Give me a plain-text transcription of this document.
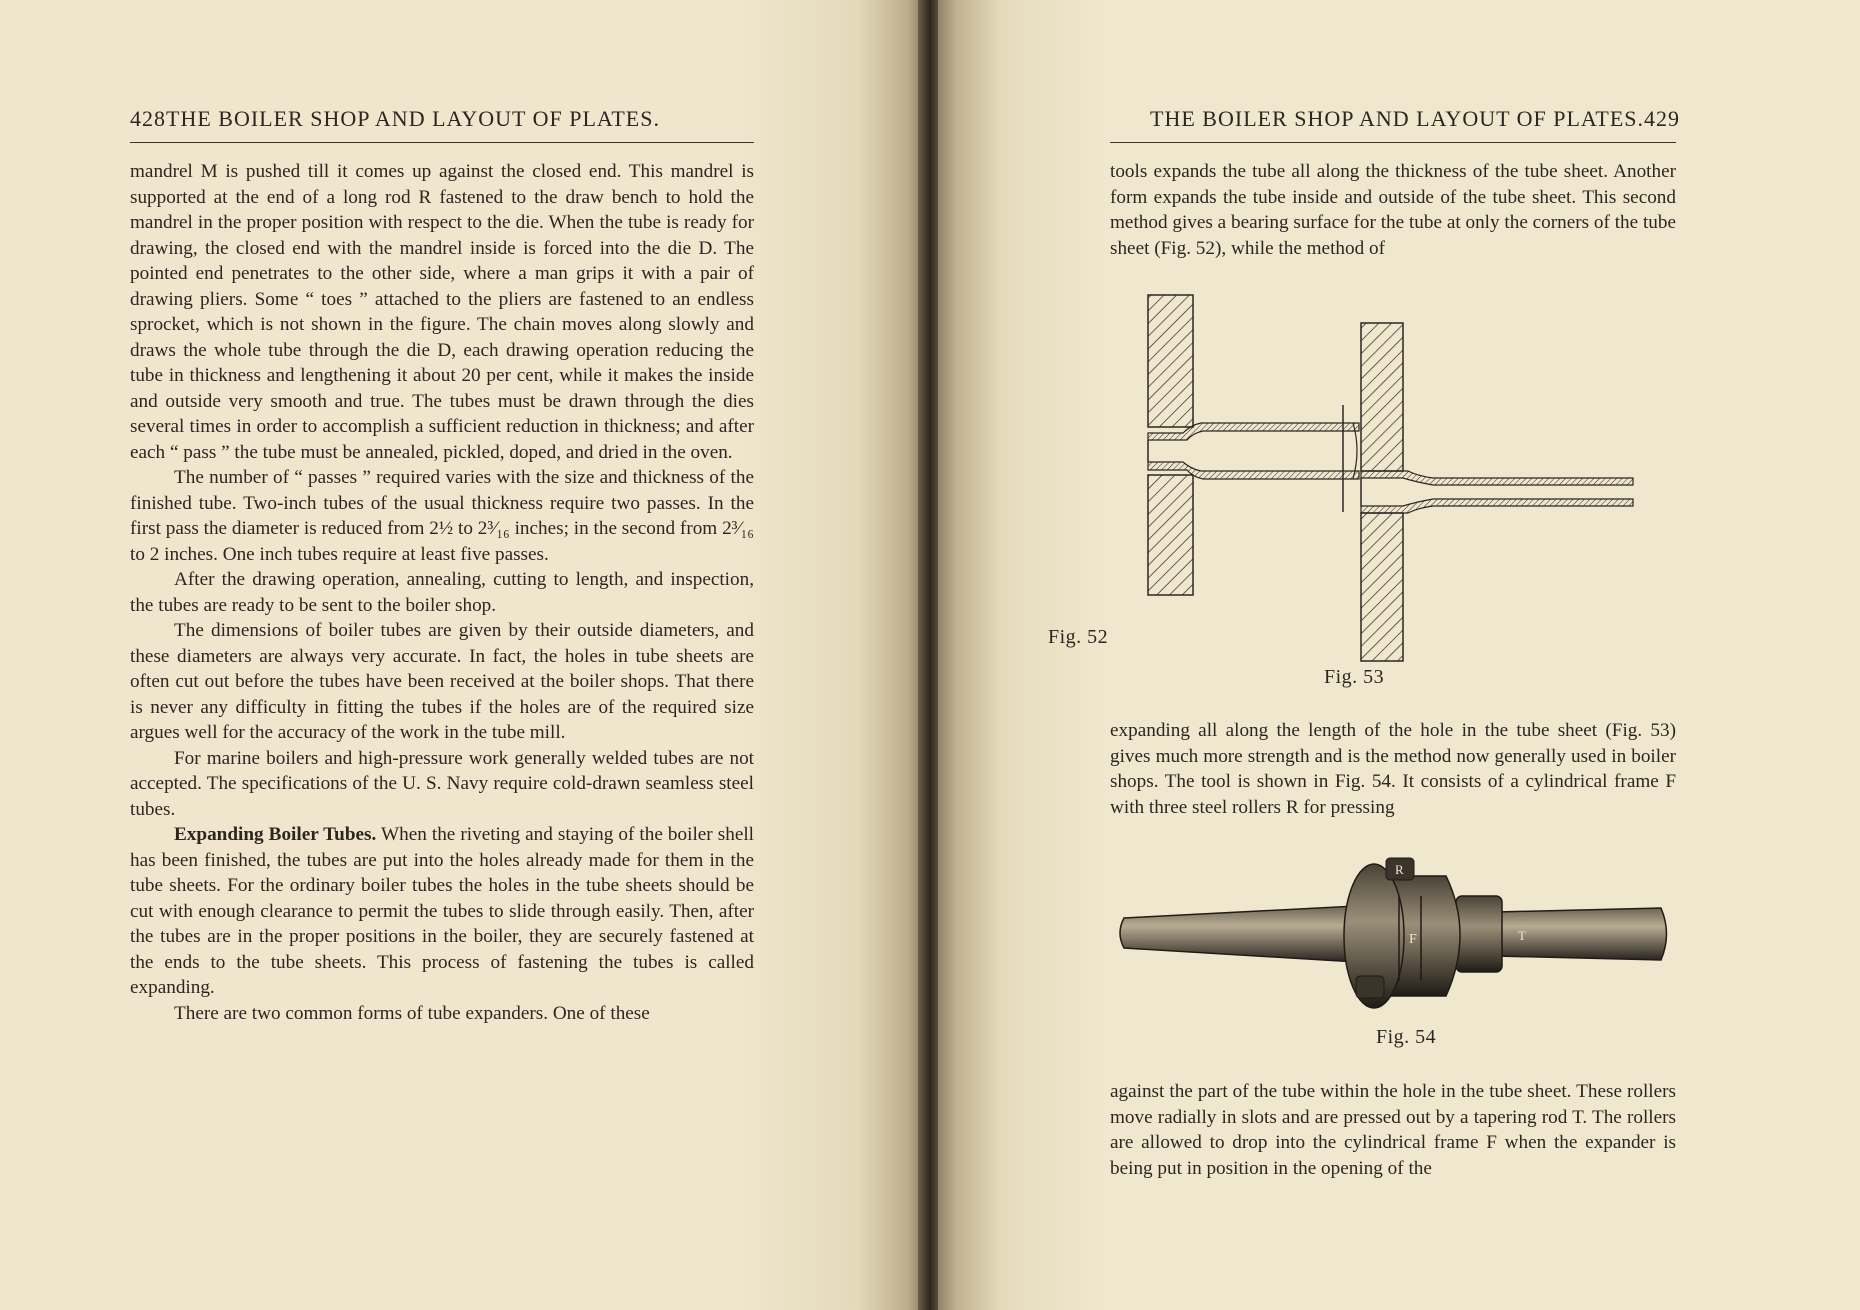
428THE BOILER SHOP AND LAYOUT OF PLATES.

mandrel M is pushed till it comes up against the closed end. This mandrel is supported at the end of a long rod R fastened to the draw bench to hold the mandrel in the proper position with respect to the die. When the tube is ready for drawing, the closed end with the mandrel inside is forced into the die D. The pointed end penetrates to the other side, where a man grips it with a pair of drawing pliers. Some “ toes ” attached to the pliers are fastened to an endless sprocket, which is not shown in the figure. The chain moves along slowly and draws the whole tube through the die D, each drawing operation reducing the tube in thickness and lengthening it about 20 per cent, while it makes the inside and outside very smooth and true. The tubes must be drawn through the dies several times in order to accomplish a sufficient reduction in thickness; and after each “ pass ” the tube must be annealed, pickled, doped, and dried in the oven.

The number of “ passes ” required varies with the size and thickness of the finished tube. Two-inch tubes of the usual thickness require two passes. In the first pass the diameter is reduced from 2½ to 2³⁄₁₆ inches; in the second from 2³⁄₁₆ to 2 inches. One inch tubes require at least five passes.

After the drawing operation, annealing, cutting to length, and inspection, the tubes are ready to be sent to the boiler shop.

The dimensions of boiler tubes are given by their outside diameters, and these diameters are always very accurate. In fact, the holes in tube sheets are often cut out before the tubes have been received at the boiler shops. That there is never any difficulty in fitting the tubes if the holes are of the required size argues well for the accuracy of the work in the tube mill.

For marine boilers and high-pressure work generally welded tubes are not accepted. The specifications of the U. S. Navy require cold-drawn seamless steel tubes.

Expanding Boiler Tubes. When the riveting and staying of the boiler shell has been finished, the tubes are put into the holes already made for them in the tube sheets. For the ordinary boiler tubes the holes in the tube sheets should be cut with enough clearance to permit the tubes to slide through easily. Then, after the tubes are in the proper positions in the boiler, they are securely fastened at the ends to the tube sheets. This process of fastening the tubes is called expanding.

There are two common forms of tube expanders. One of these

THE BOILER SHOP AND LAYOUT OF PLATES.429
tools expands the tube all along the thickness of the tube sheet. Another form expands the tube inside and outside of the tube sheet. This second method gives a bearing surface for the tube at only the corners of the tube sheet (Fig. 52), while the method of
Fig. 52
Fig. 53
expanding all along the length of the hole in the tube sheet (Fig. 53) gives much more strength and is the method now generally used in boiler shops. The tool is shown in Fig. 54. It consists of a cylindrical frame F with three steel rollers R for pressing
F
R
T
Fig. 54
against the part of the tube within the hole in the tube sheet. These rollers move radially in slots and are pressed out by a tapering rod T. The rollers are allowed to drop into the cylindrical frame F when the expander is being put in position in the opening of the
